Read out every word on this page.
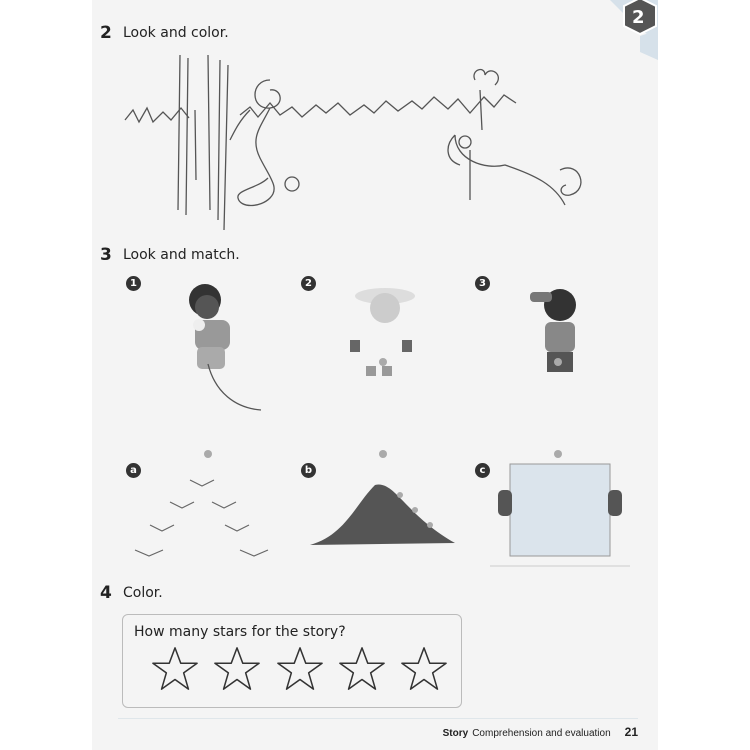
2
2 Look and color.
3 Look and match.
1	2	3
a	b	c
4 Color.
How many stars for the story?
Story Comprehension and evaluation 21
